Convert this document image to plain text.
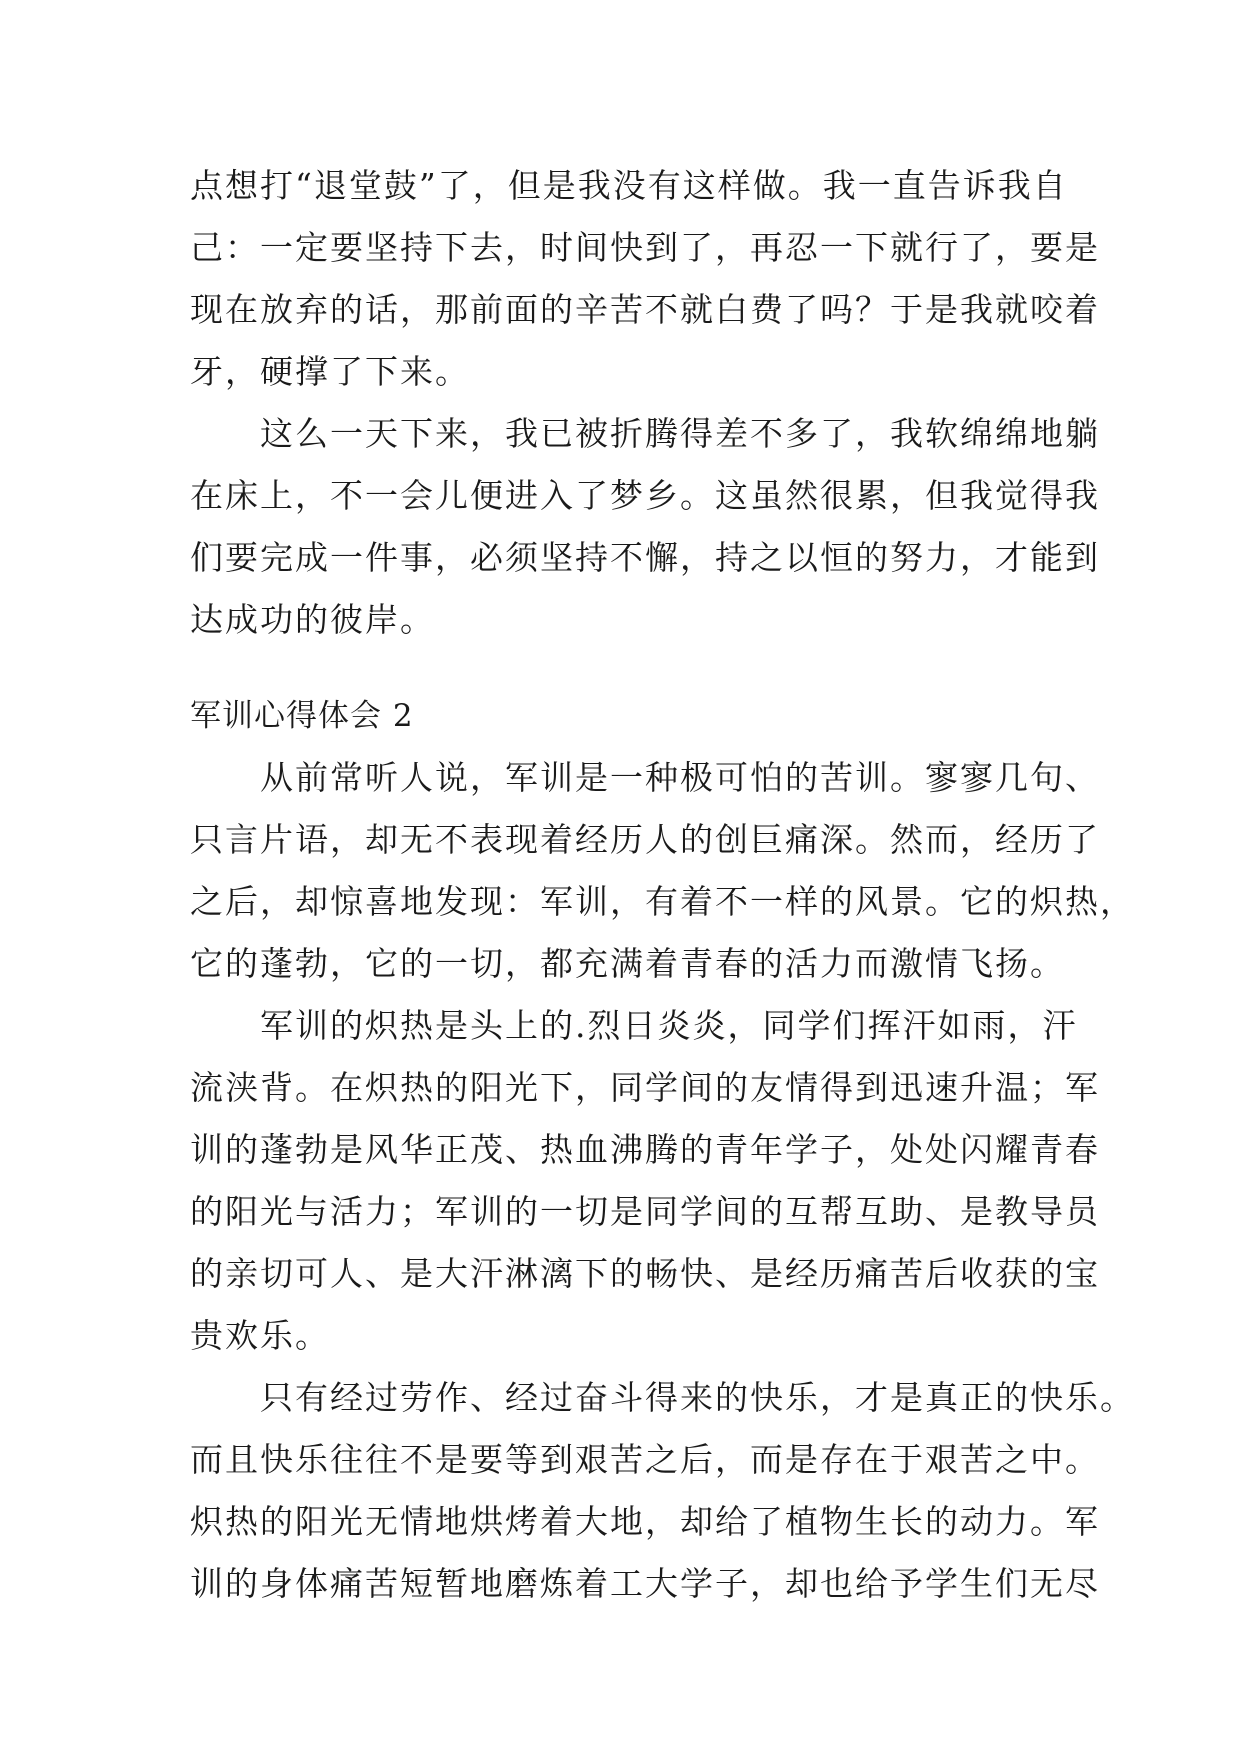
点想打“退堂鼓”了，但是我没有这样做。我一直告诉我自
己：一定要坚持下去，时间快到了，再忍一下就行了，要是
现在放弃的话，那前面的辛苦不就白费了吗？于是我就咬着
牙，硬撑了下来。
这么一天下来，我已被折腾得差不多了，我软绵绵地躺
在床上，不一会儿便进入了梦乡。这虽然很累，但我觉得我
们要完成一件事，必须坚持不懈，持之以恒的努力，才能到
达成功的彼岸。
军训心得体会 2
从前常听人说，军训是一种极可怕的苦训。寥寥几句、
只言片语，却无不表现着经历人的创巨痛深。然而，经历了
之后，却惊喜地发现：军训，有着不一样的风景。它的炽热，
它的蓬勃，它的一切，都充满着青春的活力而激情飞扬。
军训的炽热是头上的.烈日炎炎，同学们挥汗如雨，汗
流浃背。在炽热的阳光下，同学间的友情得到迅速升温；军
训的蓬勃是风华正茂、热血沸腾的青年学子，处处闪耀青春
的阳光与活力；军训的一切是同学间的互帮互助、是教导员
的亲切可人、是大汗淋漓下的畅快、是经历痛苦后收获的宝
贵欢乐。
只有经过劳作、经过奋斗得来的快乐，才是真正的快乐。
而且快乐往往不是要等到艰苦之后，而是存在于艰苦之中。
炽热的阳光无情地烘烤着大地，却给了植物生长的动力。军
训的身体痛苦短暂地磨炼着工大学子，却也给予学生们无尽
